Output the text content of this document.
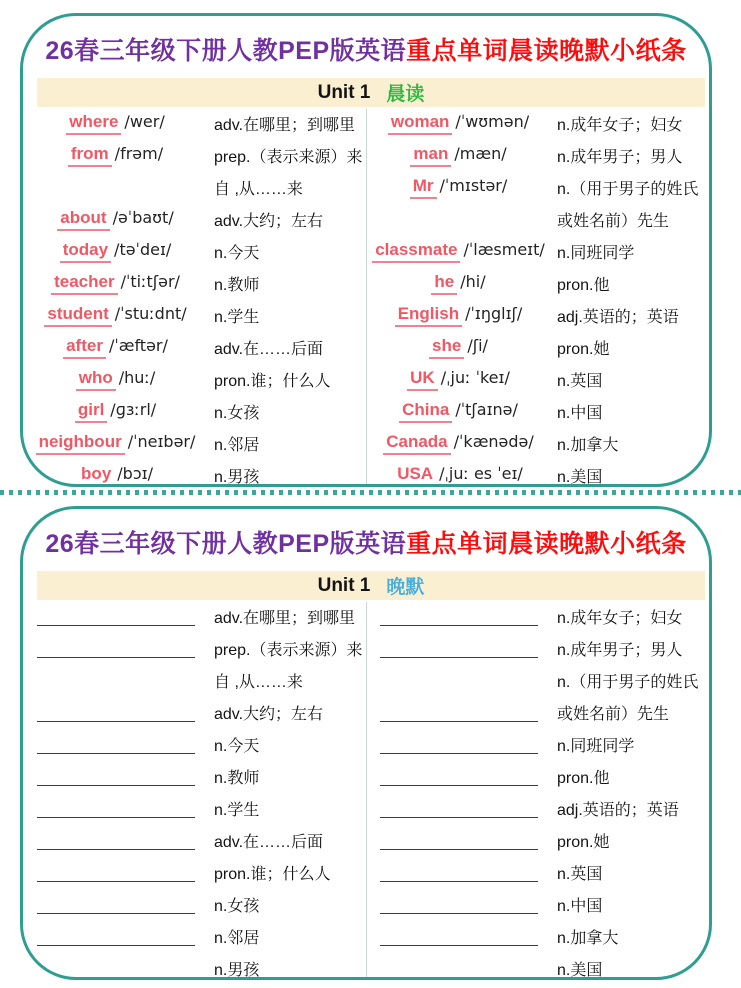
26春三年级下册人教PEP版英语重点单词晨读晚默小纸条
Unit 1 晨读
where /wer/	adv.在哪里；到哪里
from /frəm/	prep.（表示来源）来
自 ,从……来
about /əˈbaʊt/	adv.大约；左右
today /təˈdeɪ/	n.今天
teacher /ˈtiːtʃər/	n.教师
student /ˈstuːdnt/	n.学生
after /ˈæftər/	adv.在……后面
who /huː/	pron.谁；什么人
girl /ɡɜːrl/	n.女孩
neighbour /ˈneɪbər/	n.邻居
boy /bɔɪ/	n.男孩
woman /ˈwʊmən/	n.成年女子；妇女
man /mæn/	n.成年男子；男人
Mr /ˈmɪstər/	n.（用于男子的姓氏
或姓名前）先生
classmate /ˈlæsmeɪt/ n.同班同学
he /hi/	pron.他
English /ˈɪŋglɪʃ/	adj.英语的；英语
she /ʃi/	pron.她
UK /ˌjuː ˈkeɪ/	n.英国
China /ˈtʃaɪnə/	n.中国
Canada /ˈkænədə/	n.加拿大
USA /ˌjuː es ˈeɪ/	n.美国
26春三年级下册人教PEP版英语重点单词晨读晚默小纸条
Unit 1 晚默
adv.在哪里；到哪里
prep.（表示来源）来
自 ,从……来
adv.大约；左右
n.今天
n.教师
n.学生
adv.在……后面
pron.谁；什么人
n.女孩
n.邻居
n.男孩
n.成年女子；妇女
n.成年男子；男人
n.（用于男子的姓氏
或姓名前）先生
n.同班同学
pron.他
adj.英语的；英语
pron.她
n.英国
n.中国
n.加拿大
n.美国
